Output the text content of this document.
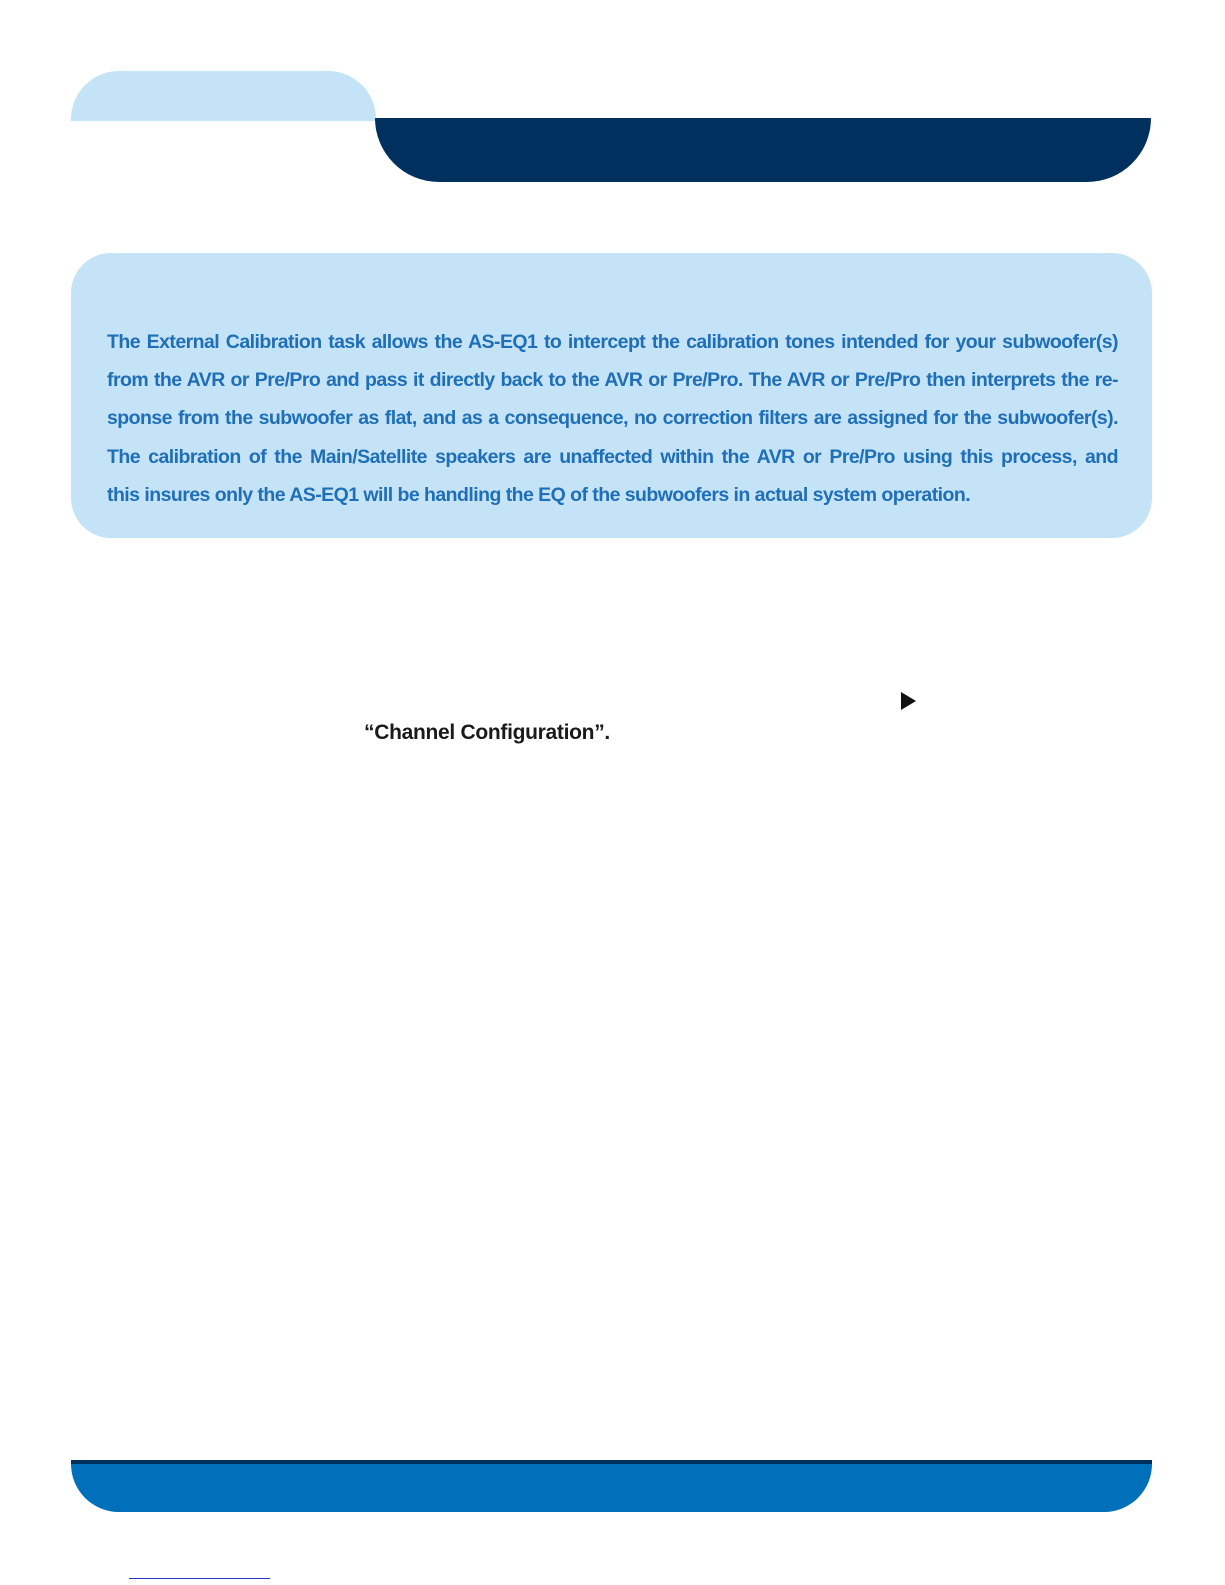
The External Calibration task allows the AS-EQ1 to intercept the calibration tones intended for your subwoofer(s)
from the AVR or Pre/Pro and pass it directly back to the AVR or Pre/Pro. The AVR or Pre/Pro then interprets the re-
sponse from the subwoofer as flat, and as a consequence, no correction filters are assigned for the subwoofer(s).
The calibration of the Main/Satellite speakers are unaffected within the AVR or Pre/Pro using this process, and
this insures only the AS-EQ1 will be handling the EQ of the subwoofers in actual system operation.
“Channel Configuration”.
